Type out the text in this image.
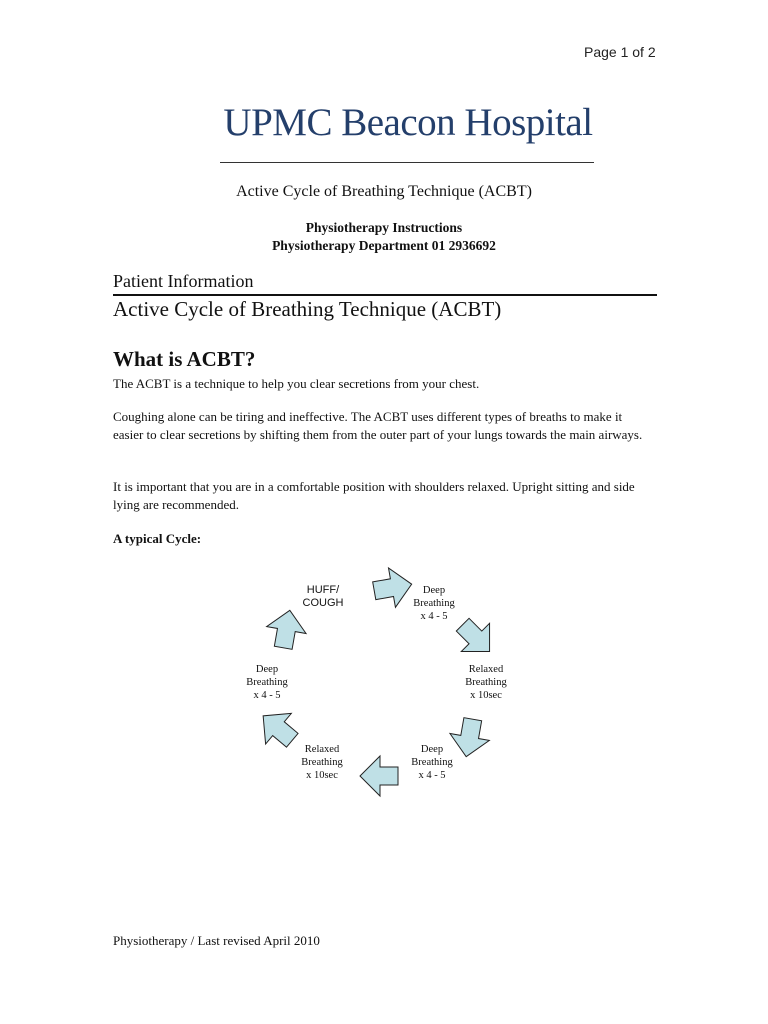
Page 1 of 2
UPMC Beacon Hospital
Active Cycle of Breathing Technique (ACBT)
Physiotherapy Instructions
Physiotherapy Department 01 2936692
Patient Information
Active Cycle of Breathing Technique (ACBT)
What is ACBT?
The ACBT is a technique to help you clear secretions from your chest.
Coughing alone can be tiring and ineffective. The ACBT uses different types of breaths to make it easier to clear secretions by shifting them from the outer part of your lungs towards the main airways.
It is important that you are in a comfortable position with shoulders relaxed. Upright sitting and side lying are recommended.
A typical Cycle:
HUFF/
COUGH
Deep
Breathing
x 4 - 5
Relaxed
Breathing
x 10sec
Deep
Breathing
x 4 - 5
Relaxed
Breathing
x 10sec
Deep
Breathing
x 4 - 5
Physiotherapy / Last revised April 2010
